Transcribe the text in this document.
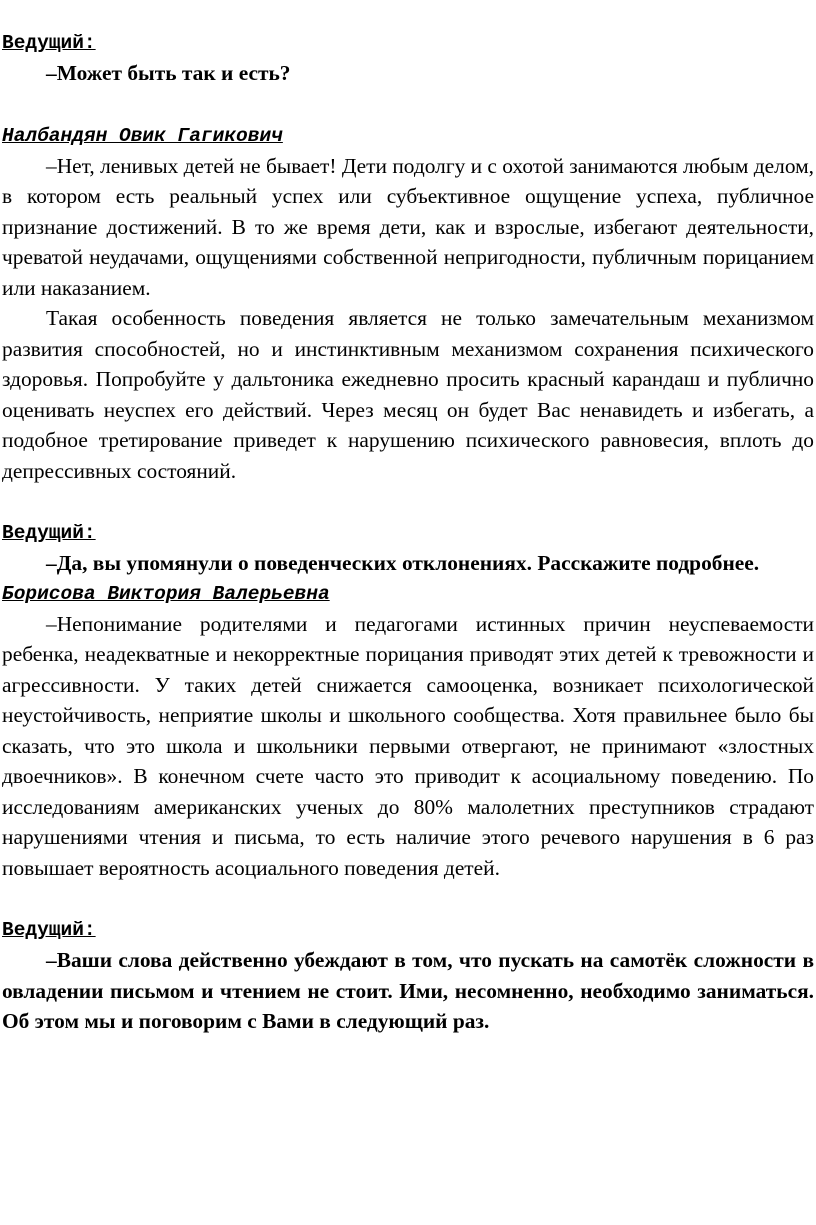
Ведущий:

–Может быть так и есть?

Налбандян Овик Гагикович

–Нет, ленивых детей не бывает! Дети подолгу и с охотой занимаются любым делом, в котором есть реальный успех или субъективное ощущение успеха, публичное признание достижений. В то же время дети, как и взрослые, избегают деятельности, чреватой неудачами, ощущениями собственной непригодности, публичным порицанием или наказанием.

Такая особенность поведения является не только замечательным механизмом развития способностей, но и инстинктивным механизмом сохранения психического здоровья. Попробуйте у дальтоника ежедневно просить красный карандаш и публично оценивать неуспех его действий. Через месяц он будет Вас ненавидеть и избегать, а подобное третирование приведет к нарушению психического равновесия, вплоть до депрессивных состояний.

Ведущий:

–Да, вы упомянули о поведенческих отклонениях. Расскажите подробнее.

Борисова Виктория Валерьевна

–Непонимание родителями и педагогами истинных причин неуспеваемости ребенка, неадекватные и некорректные порицания приводят этих детей к тревожности и агрессивности. У таких детей снижается самооценка, возникает психологической неустойчивость, неприятие школы и школьного сообщества. Хотя правильнее было бы сказать, что это школа и школьники первыми отвергают, не принимают «злостных двоечников». В конечном счете часто это приводит к асоциальному поведению. По исследованиям американских ученых до 80% малолетних преступников страдают нарушениями чтения и письма, то есть наличие этого речевого нарушения в 6 раз повышает вероятность асоциального поведения детей.

Ведущий:

–Ваши слова действенно убеждают в том, что пускать на самотёк сложности в овладении письмом и чтением не стоит. Ими, несомненно, необходимо заниматься. Об этом мы и поговорим с Вами в следующий раз.
